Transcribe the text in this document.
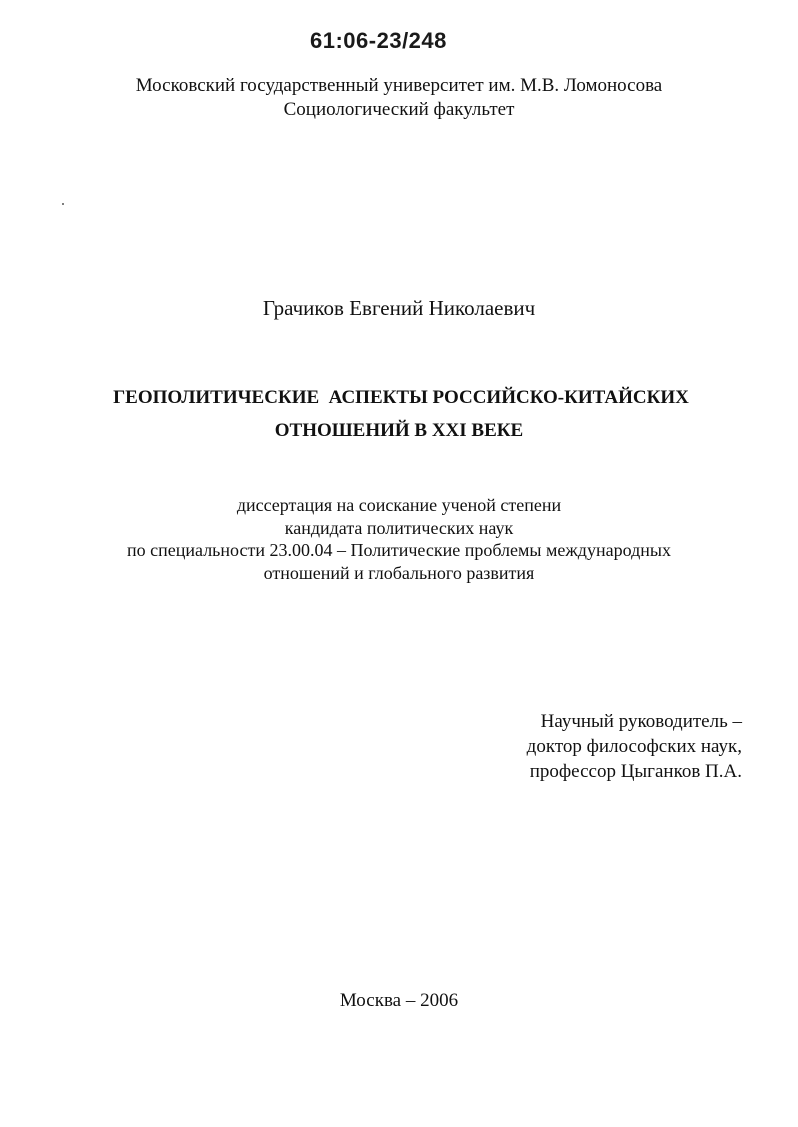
61:06-23/248
Московский государственный университет им. М.В. Ломоносова
Социологический факультет
Грачиков Евгений Николаевич
ГЕОПОЛИТИЧЕСКИЕ  АСПЕКТЫ РОССИЙСКО-КИТАЙСКИХ
ОТНОШЕНИЙ В XXI ВЕКЕ
диссертация на соискание ученой степени
кандидата политических наук
по специальности 23.00.04 – Политические проблемы международных
отношений и глобального развития
Научный руководитель –
доктор философских наук,
профессор Цыганков П.А.
Москва – 2006
